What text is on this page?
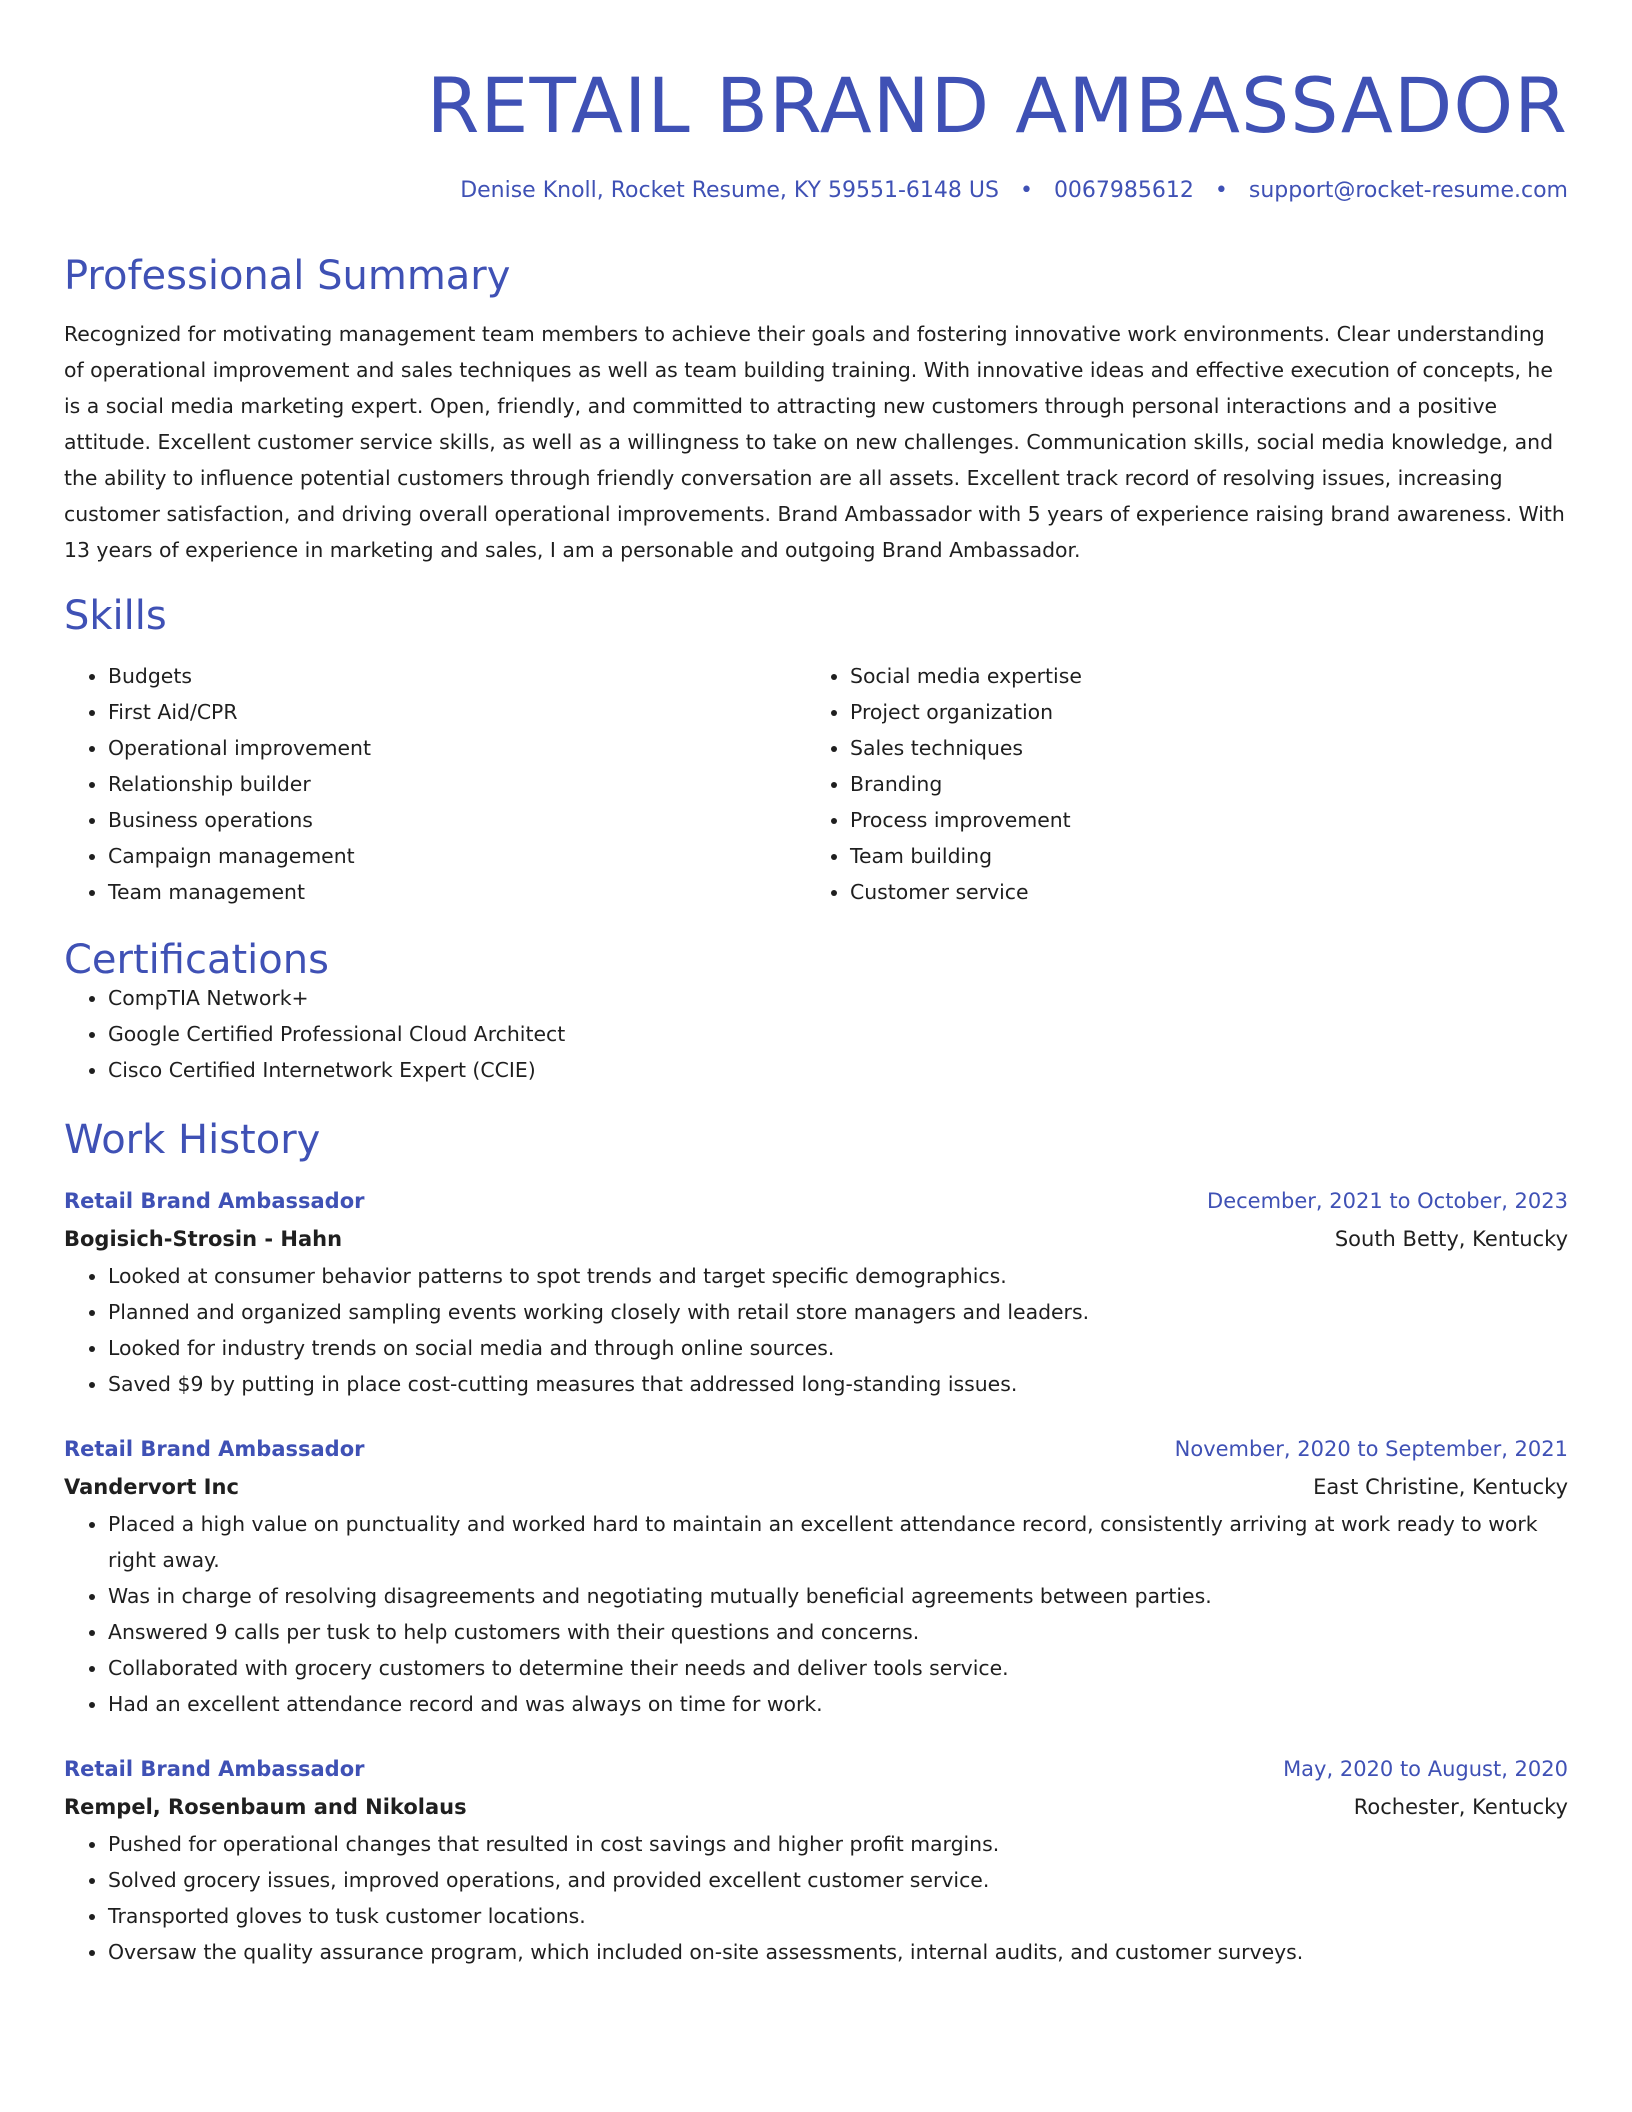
RETAIL BRAND AMBASSADOR
Denise Knoll, Rocket Resume, KY 59551-6148 US • 0067985612 • support@rocket-resume.com
Professional Summary

Recognized for motivating management team members to achieve their goals and fostering innovative work environments. Clear understanding of operational improvement and sales techniques as well as team building training. With innovative ideas and effective execution of concepts, he is a social media marketing expert. Open, friendly, and committed to attracting new customers through personal interactions and a positive attitude. Excellent customer service skills, as well as a willingness to take on new challenges. Communication skills, social media knowledge, and the ability to influence potential customers through friendly conversation are all assets. Excellent track record of resolving issues, increasing customer satisfaction, and driving overall operational improvements. Brand Ambassador with 5 years of experience raising brand awareness. With 13 years of experience in marketing and sales, I am a personable and outgoing Brand Ambassador.

Skills
• Budgets
• First Aid/CPR
• Operational improvement
• Relationship builder
• Business operations
• Campaign management
• Team management
• Social media expertise
• Project organization
• Sales techniques
• Branding
• Process improvement
• Team building
• Customer service
Certifications
• CompTIA Network+
• Google Certified Professional Cloud Architect
• Cisco Certified Internetwork Expert (CCIE)
Work History
Retail Brand Ambassador	December, 2021 to October, 2023
Bogisich-Strosin - Hahn	South Betty, Kentucky
• Looked at consumer behavior patterns to spot trends and target specific demographics.
• Planned and organized sampling events working closely with retail store managers and leaders.
• Looked for industry trends on social media and through online sources.
• Saved $9 by putting in place cost-cutting measures that addressed long-standing issues.
Retail Brand Ambassador	November, 2020 to September, 2021
Vandervort Inc	East Christine, Kentucky
• Placed a high value on punctuality and worked hard to maintain an excellent attendance record, consistently arriving at work ready to work right away.
• Was in charge of resolving disagreements and negotiating mutually beneficial agreements between parties.
• Answered 9 calls per tusk to help customers with their questions and concerns.
• Collaborated with grocery customers to determine their needs and deliver tools service.
• Had an excellent attendance record and was always on time for work.
Retail Brand Ambassador	May, 2020 to August, 2020
Rempel, Rosenbaum and Nikolaus	Rochester, Kentucky
• Pushed for operational changes that resulted in cost savings and higher profit margins.
• Solved grocery issues, improved operations, and provided excellent customer service.
• Transported gloves to tusk customer locations.
• Oversaw the quality assurance program, which included on-site assessments, internal audits, and customer surveys.
